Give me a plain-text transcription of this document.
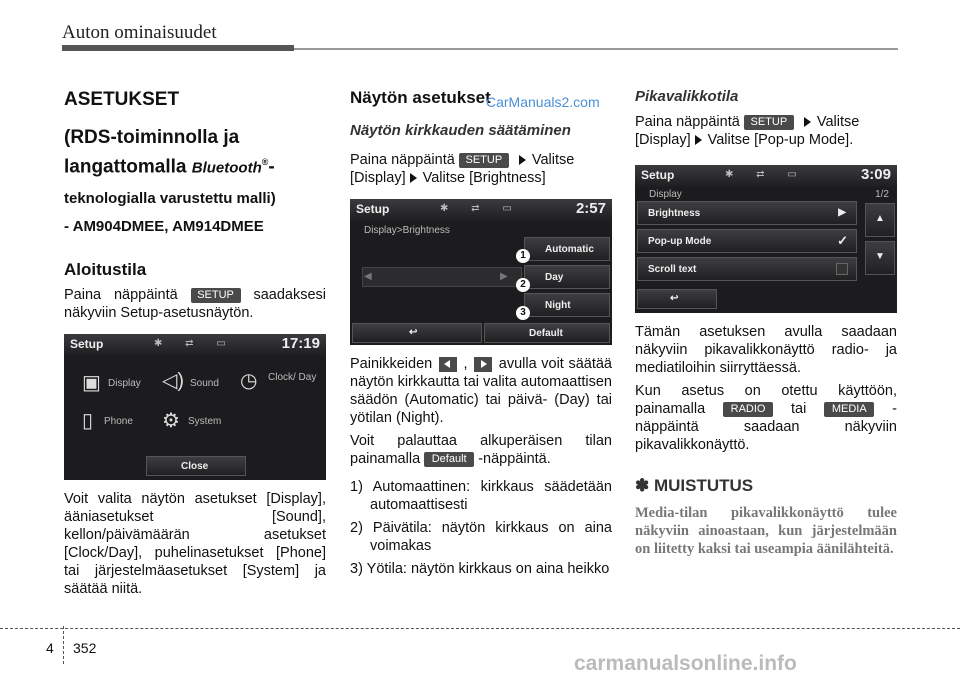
Auton ominaisuudet
ASETUKSET
(RDS-toiminnolla ja
langattomalla Bluetooth®-
teknologialla varustettu malli)
- AM904DMEE, AM914DMEE
Aloitustila

Paina näppäintä SETUP saadaksesi näkyviin Setup-asetusnäytön.

Setup	✱ ⇄ ▭	17:19
▣ Display ◁) Sound ◷ Clock/ Day
▯ Phone ⚙ System
Close

Voit valita näytön asetukset [Display], ääniasetukset [Sound], kellon/päivämäärän asetukset [Clock/Day], puhelinasetukset [Phone] tai järjestelmäasetukset [System] ja säätää niitä.

Näytön asetukset
Näytön kirkkauden säätäminen

Paina näppäintä SETUP Valitse
[Display] Valitse [Brightness]

Setup	✱ ⇄ ▭	2:57
Display>Brightness
◀	▶
Automatic
Day
Night
1
2
3
↩	Default

Painikkeiden
,
avulla voit säätää näytön kirkkautta tai valita automaattisen säädön (Automatic) tai päivä- (Day) tai yötilan (Night).

Voit palauttaa alkuperäisen tilan painamalla Default -näppäintä.

1) Automaattinen: kirkkaus säädetään automaattisesti
2) Päivätila: näytön kirkkaus on aina voimakas
3) Yötila: näytön kirkkaus on aina heikko
CarManuals2.com Pikavalikkotila

Paina näppäintä SETUP Valitse
[Display] Valitse [Pop-up Mode].

Setup	✱ ⇄ ▭	3:09
Display	1/2
Brightness	▶
Pop-up Mode	✓
Scroll text
▲
▼
↩

Tämän asetuksen avulla saadaan näkyviin pikavalikkonäyttö radio- ja mediatiloihin siirryttäessä.

Kun asetus on otettu käyttöön, painamalla RADIO tai MEDIA -näppäintä saadaan näkyviin pikavalikkonäyttö.

✽ MUISTUTUS
Media-tilan pikavalikkonäyttö tulee näkyviin ainoastaan, kun järjestelmään on liitetty kaksi tai useampia äänilähteitä.
4 352
carmanualsonline.info
